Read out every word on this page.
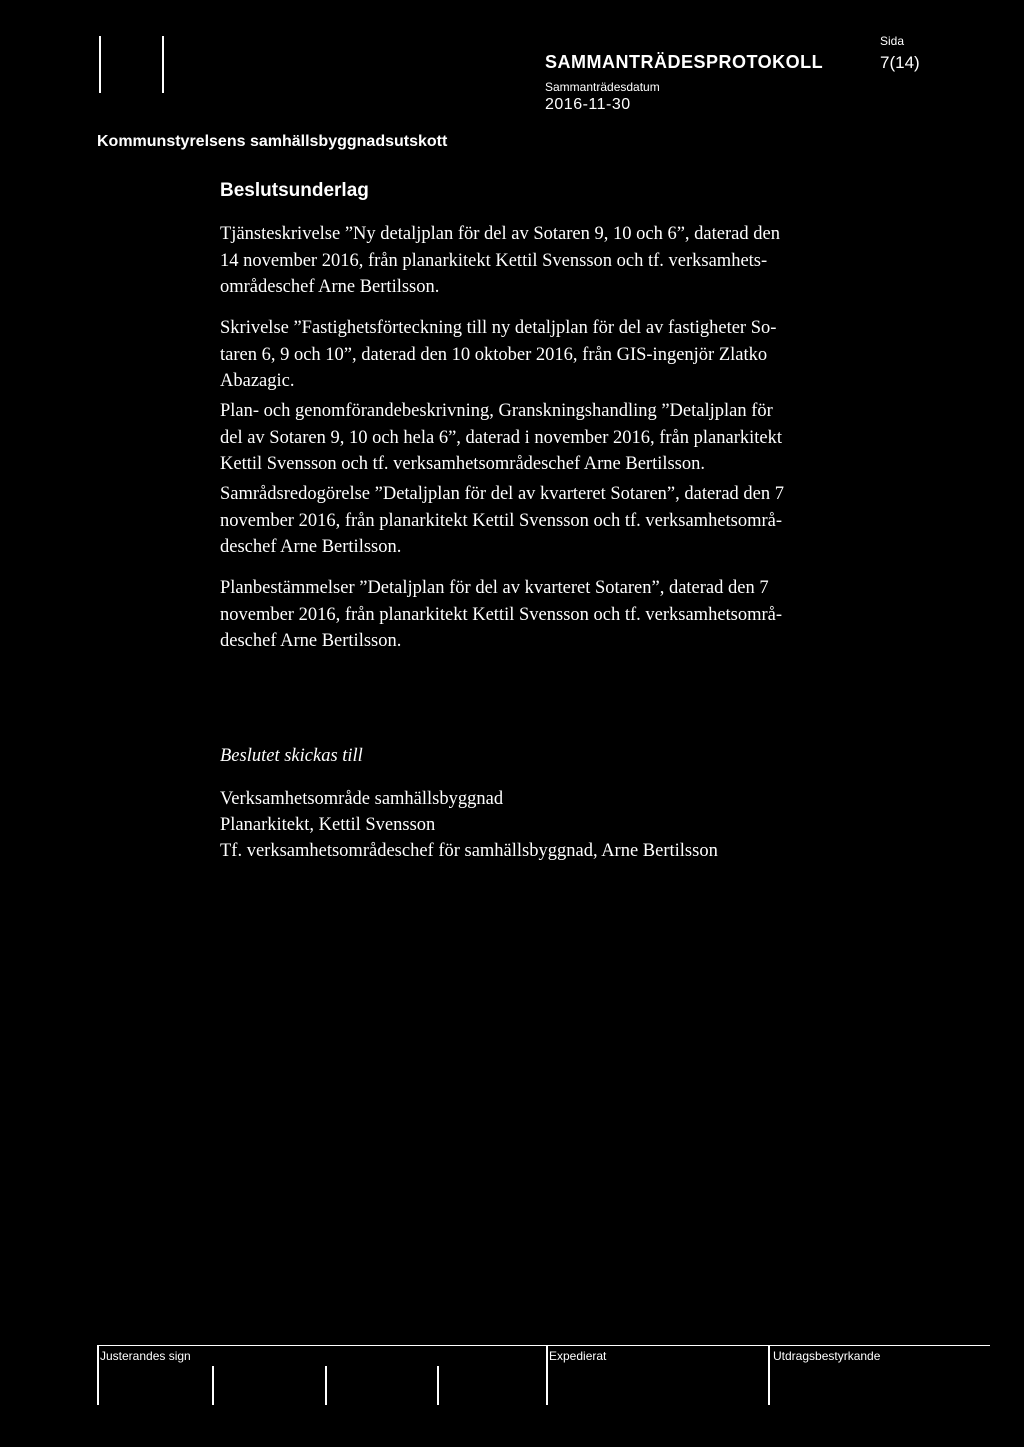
SAMMANTRÄDESPROTOKOLL
Sida
7(14)
Sammanträdesdatum
2016-11-30
Kommunstyrelsens samhällsbyggnadsutskott
Beslutsunderlag

Tjänsteskrivelse ”Ny detaljplan för del av Sotaren 9, 10 och 6”, daterad den
14 november 2016, från planarkitekt Kettil Svensson och tf. verksamhets-
områdeschef Arne Bertilsson.

Skrivelse ”Fastighetsförteckning till ny detaljplan för del av fastigheter So-
taren 6, 9 och 10”, daterad den 10 oktober 2016, från GIS-ingenjör Zlatko
Abazagic.

Plan- och genomförandebeskrivning, Granskningshandling ”Detaljplan för
del av Sotaren 9, 10 och hela 6”, daterad i november 2016, från planarkitekt
Kettil Svensson och tf. verksamhetsområdeschef Arne Bertilsson.

Samrådsredogörelse ”Detaljplan för del av kvarteret Sotaren”, daterad den 7
november 2016, från planarkitekt Kettil Svensson och tf. verksamhetsområ-
deschef Arne Bertilsson.

Planbestämmelser ”Detaljplan för del av kvarteret Sotaren”, daterad den 7
november 2016, från planarkitekt Kettil Svensson och tf. verksamhetsområ-
deschef Arne Bertilsson.

Beslutet skickas till
Verksamhetsområde samhällsbyggnad
Planarkitekt, Kettil Svensson
Tf. verksamhetsområdeschef för samhällsbyggnad, Arne Bertilsson
Justerandes sign	Expedierat	Utdragsbestyrkande
